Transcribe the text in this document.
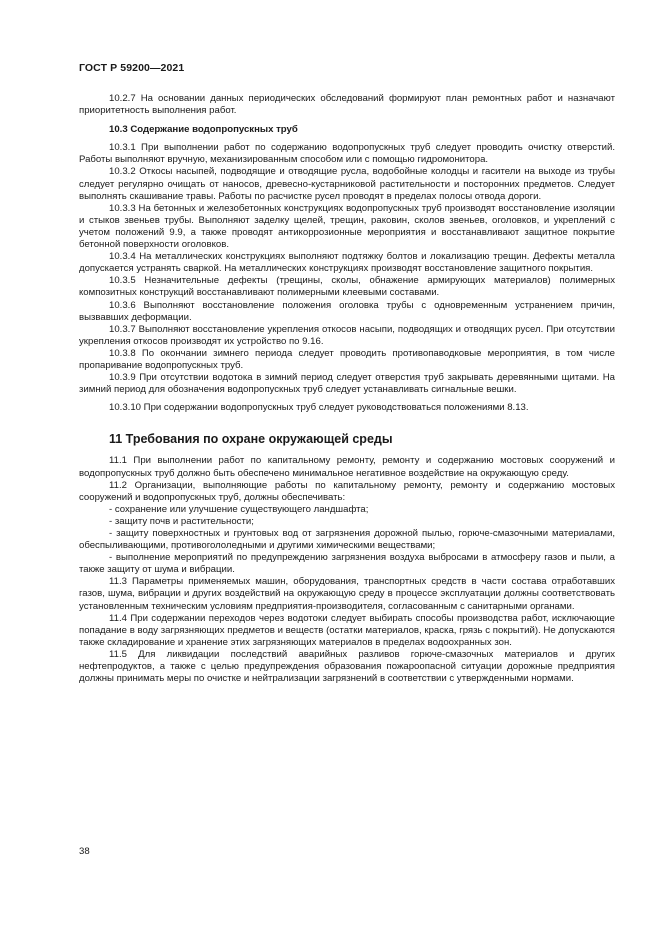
ГОСТ Р 59200—2021

10.2.7 На основании данных периодических обследований формируют план ремонтных работ и назначают приоритетность выполнения работ.

10.3 Содержание водопропускных труб

10.3.1 При выполнении работ по содержанию водопропускных труб следует проводить очистку отверстий. Работы выполняют вручную, механизированным способом или с помощью гидромонитора.

10.3.2 Откосы насыпей, подводящие и отводящие русла, водобойные колодцы и гасители на выходе из трубы следует регулярно очищать от наносов, древесно-кустарниковой растительности и посторонних предметов. Следует выполнять скашивание травы. Работы по расчистке русел проводят в пределах полосы отвода дороги.

10.3.3 На бетонных и железобетонных конструкциях водопропускных труб производят восстановление изоляции и стыков звеньев трубы. Выполняют заделку щелей, трещин, раковин, сколов звеньев, оголовков, и укреплений с учетом положений 9.9, а также проводят антикоррозионные мероприятия и восстанавливают защитное покрытие бетонной поверхности оголовков.

10.3.4 На металлических конструкциях выполняют подтяжку болтов и локализацию трещин. Дефекты металла допускается устранять сваркой. На металлических конструкциях производят восстановление защитного покрытия.

10.3.5 Незначительные дефекты (трещины, сколы, обнажение армирующих материалов) полимерных композитных конструкций восстанавливают полимерными клеевыми составами.

10.3.6 Выполняют восстановление положения оголовка трубы с одновременным устранением причин, вызвавших деформации.

10.3.7 Выполняют восстановление укрепления откосов насыпи, подводящих и отводящих русел. При отсутствии укрепления откосов производят их устройство по 9.16.

10.3.8 По окончании зимнего периода следует проводить противопаводковые мероприятия, в том числе пропаривание водопропускных труб.

10.3.9 При отсутствии водотока в зимний период следует отверстия труб закрывать деревянными щитами. На зимний период для обозначения водопропускных труб следует устанавливать сигнальные вешки.

10.3.10 При содержании водопропускных труб следует руководствоваться положениями 8.13.

11 Требования по охране окружающей среды

11.1 При выполнении работ по капитальному ремонту, ремонту и содержанию мостовых сооружений и водопропускных труб должно быть обеспечено минимальное негативное воздействие на окружающую среду.

11.2 Организации, выполняющие работы по капитальному ремонту, ремонту и содержанию мостовых сооружений и водопропускных труб, должны обеспечивать:

- сохранение или улучшение существующего ландшафта;

- защиту почв и растительности;

- защиту поверхностных и грунтовых вод от загрязнения дорожной пылью, горюче-смазочными материалами, обеспыливающими, противогололедными и другими химическими веществами;

- выполнение мероприятий по предупреждению загрязнения воздуха выбросами в атмосферу газов и пыли, а также защиту от шума и вибрации.

11.3 Параметры применяемых машин, оборудования, транспортных средств в части состава отработавших газов, шума, вибрации и других воздействий на окружающую среду в процессе эксплуатации должны соответствовать установленным техническим условиям предприятия-производителя, согласованным с санитарными органами.

11.4 При содержании переходов через водотоки следует выбирать способы производства работ, исключающие попадание в воду загрязняющих предметов и веществ (остатки материалов, краска, грязь с покрытий). Не допускаются также складирование и хранение этих загрязняющих материалов в пределах водоохранных зон.

11.5 Для ликвидации последствий аварийных разливов горюче-смазочных материалов и других нефтепродуктов, а также с целью предупреждения образования пожароопасной ситуации дорожные предприятия должны принимать меры по очистке и нейтрализации загрязнений в соответствии с утвержденными нормами.

38
